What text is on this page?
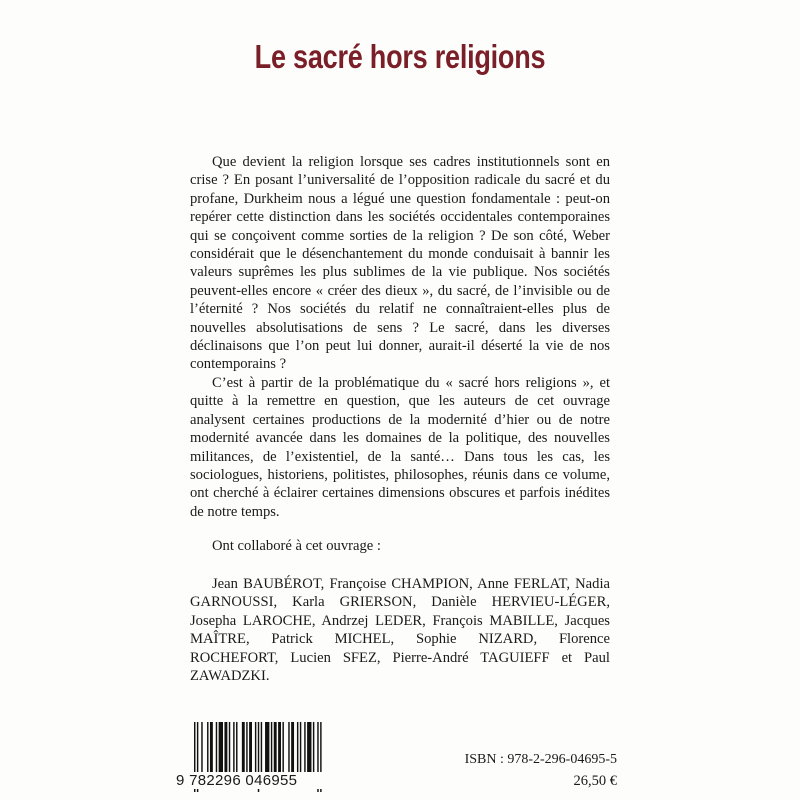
Le sacré hors religions

Que devient la religion lorsque ses cadres institutionnels sont en crise ? En posant l’universalité de l’opposition radicale du sacré et du profane, Durkheim nous a légué une question fondamentale : peut-on repérer cette distinction dans les sociétés occidentales contemporaines qui se conçoivent comme sorties de la religion ? De son côté, Weber considérait que le désenchantement du monde conduisait à bannir les valeurs suprêmes les plus sublimes de la vie publique. Nos sociétés peuvent-elles encore « créer des dieux », du sacré, de l’invisible ou de l’éternité ? Nos sociétés du relatif ne connaîtraient-elles plus de nouvelles absolutisations de sens ? Le sacré, dans les diverses déclinaisons que l’on peut lui donner, aurait-il déserté la vie de nos contemporains ?

C’est à partir de la problématique du « sacré hors religions », et quitte à la remettre en question, que les auteurs de cet ouvrage analysent certaines productions de la modernité d’hier ou de notre modernité avancée dans les domaines de la politique, des nouvelles militances, de l’existentiel, de la santé… Dans tous les cas, les sociologues, historiens, politistes, philosophes, réunis dans ce volume, ont cherché à éclairer certaines dimensions obscures et parfois inédites de notre temps.

Ont collaboré à cet ouvrage :

Jean BAUBÉROT, Françoise CHAMPION, Anne FERLAT, Nadia GARNOUSSI, Karla GRIERSON, Danièle HERVIEU-LÉGER, Josepha LAROCHE, Andrzej LEDER, François MABILLE, Jacques MAÎTRE, Patrick MICHEL, Sophie NIZARD, Florence ROCHEFORT, Lucien SFEZ, Pierre-André TAGUIEFF et Paul ZAWADZKI.

9 782296 046955
ISBN : 978-2-296-04695-5
26,50 €
